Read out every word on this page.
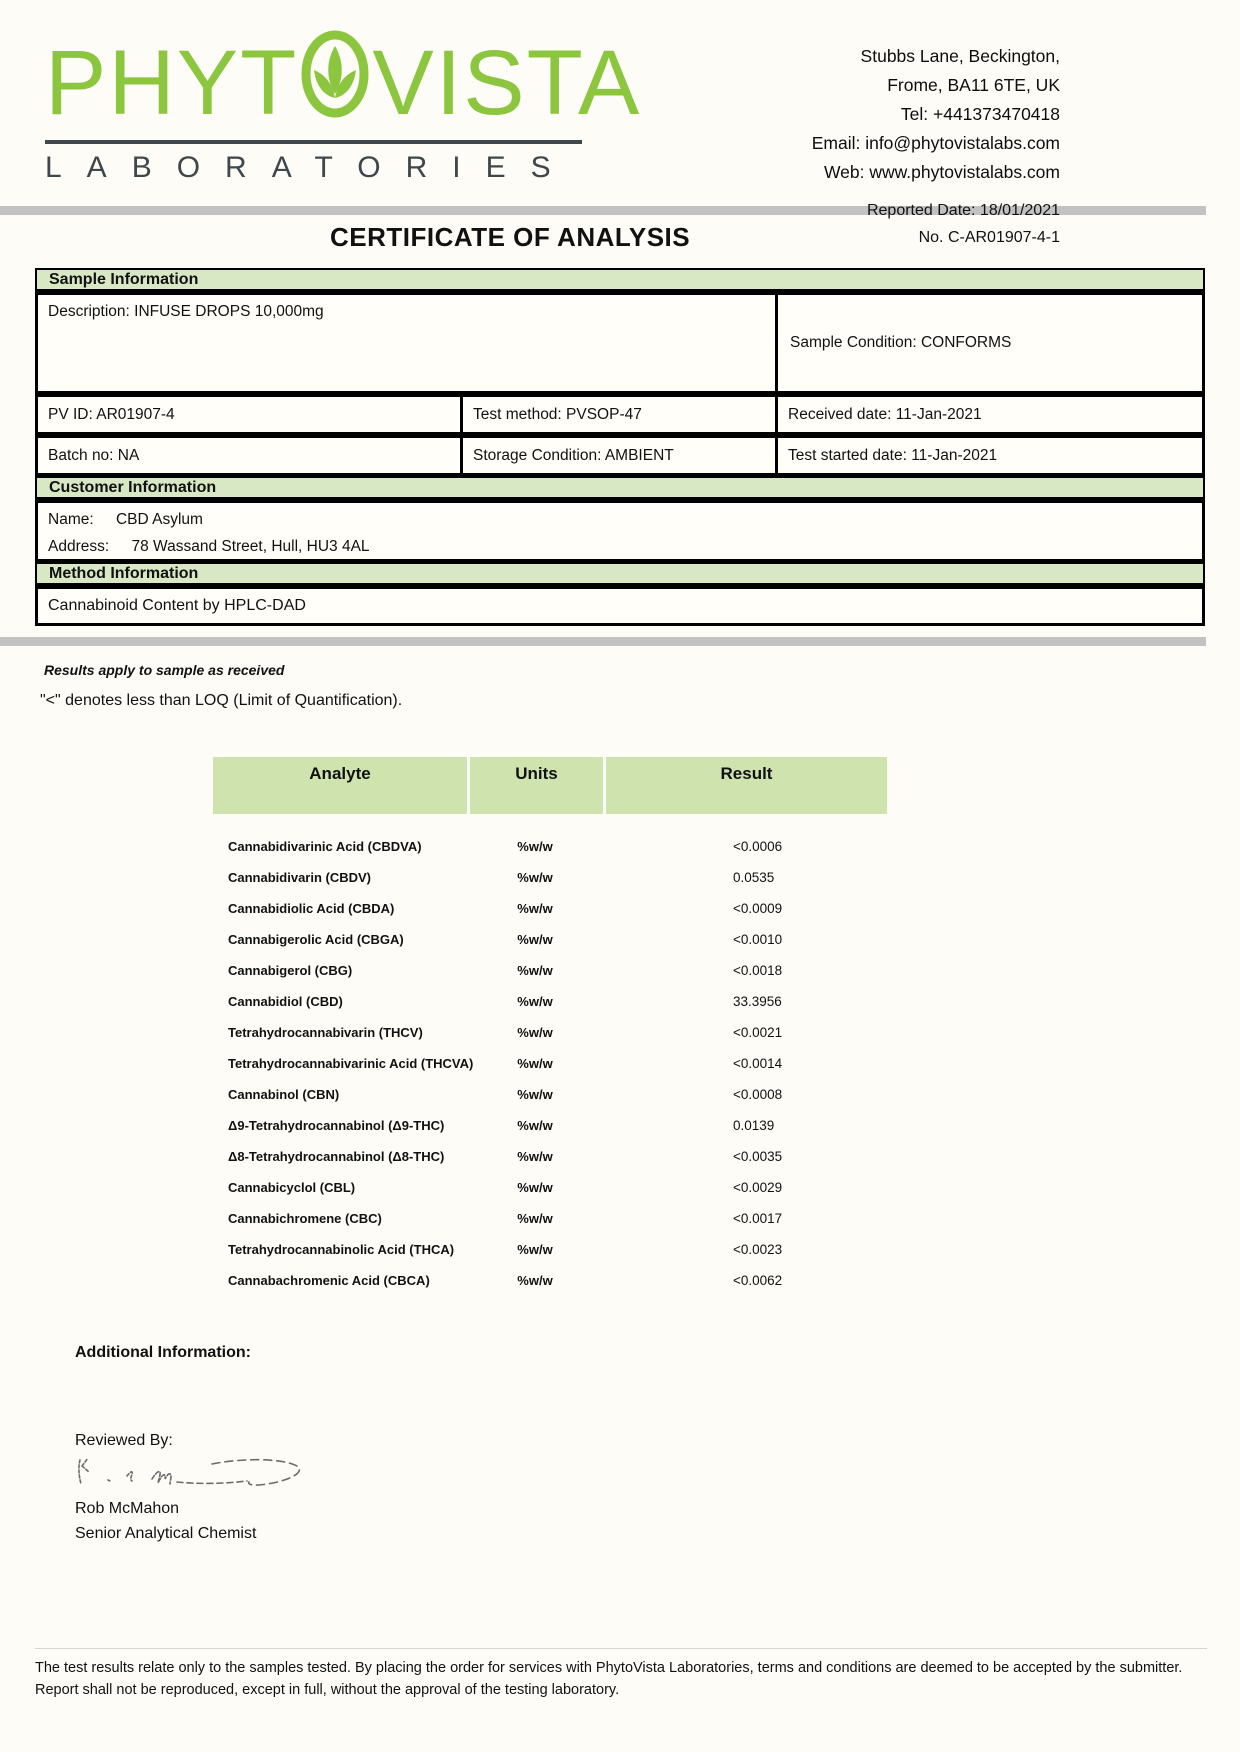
PHYT VISTA
LABORATORIES
Stubbs Lane, Beckington,
Frome, BA11 6TE, UK
Tel: +441373470418
Email: info@phytovistalabs.com
Web: www.phytovistalabs.com
Reported Date: 18/01/2021
CERTIFICATE OF ANALYSIS	No. C-AR01907-4-1
Sample Information
Description: INFUSE DROPS 10,000mg
Sample Condition: CONFORMS
PV ID: AR01907-4	Test method: PVSOP-47	Received date: 11-Jan-2021
Batch no: NA	Storage Condition: AMBIENT	Test started date: 11-Jan-2021
Customer Information
Name: CBD Asylum
Address: 78 Wassand Street, Hull, HU3 4AL
Method Information
Cannabinoid Content by HPLC-DAD
Results apply to sample as received
"<" denotes less than LOQ (Limit of Quantification).
Analyte	Units	Result
Cannabidivarinic Acid (CBDVA)	%w/w	<0.0006
Cannabidivarin (CBDV)	%w/w	0.0535
Cannabidiolic Acid (CBDA)	%w/w	<0.0009
Cannabigerolic Acid (CBGA)	%w/w	<0.0010
Cannabigerol (CBG)	%w/w	<0.0018
Cannabidiol (CBD)	%w/w	33.3956
Tetrahydrocannabivarin (THCV)	%w/w	<0.0021
Tetrahydrocannabivarinic Acid (THCVA)	%w/w	<0.0014
Cannabinol (CBN)	%w/w	<0.0008
Δ9-Tetrahydrocannabinol (Δ9-THC)	%w/w	0.0139
Δ8-Tetrahydrocannabinol (Δ8-THC)	%w/w	<0.0035
Cannabicyclol (CBL)	%w/w	<0.0029
Cannabichromene (CBC)	%w/w	<0.0017
Tetrahydrocannabinolic Acid (THCA)	%w/w	<0.0023
Cannabachromenic Acid (CBCA)	%w/w	<0.0062
Additional Information:
Reviewed By:
Rob McMahon
Senior Analytical Chemist
The test results relate only to the samples tested. By placing the order for services with PhytoVista Laboratories, terms and conditions are deemed to be accepted by the submitter. Report shall not be reproduced, except in full, without the approval of the testing laboratory.
